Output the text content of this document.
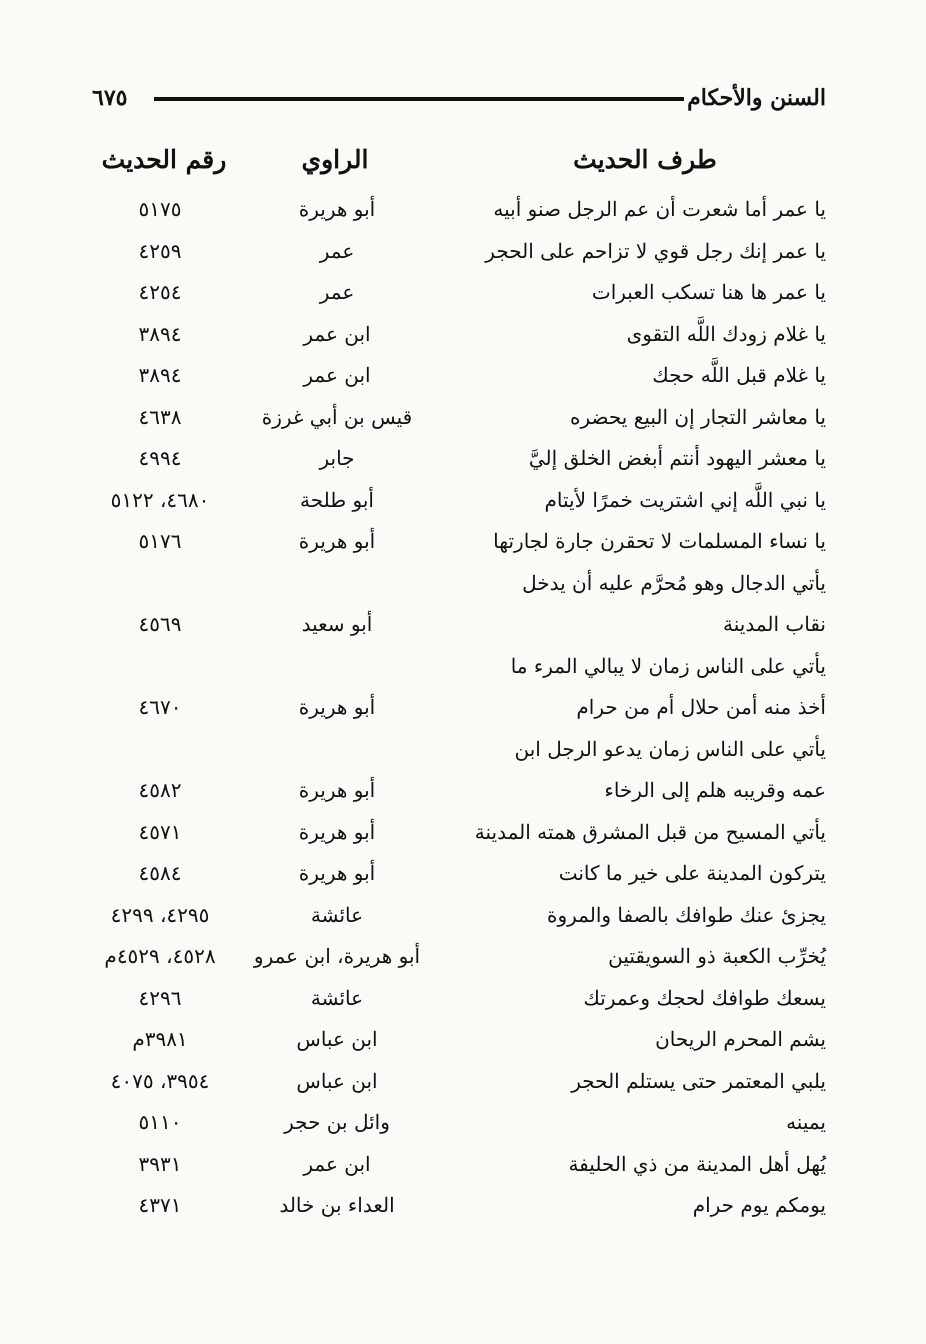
السنن والأحكام
٦٧٥
طرف الحديث
الراوي
رقم الحديث
يا عمر أما شعرت أن عم الرجل صنو أبيه
أبو هريرة
٥١٧٥
يا عمر إنك رجل قوي لا تزاحم على الحجر
عمر
٤٢٥٩
يا عمر ها هنا تسكب العبرات
عمر
٤٢٥٤
يا غلام زودك اللَّه التقوى
ابن عمر
٣٨٩٤
يا غلام قبل اللَّه حجك
ابن عمر
٣٨٩٤
يا معاشر التجار إن البيع يحضره
قيس بن أبي غرزة
٤٦٣٨
يا معشر اليهود أنتم أبغض الخلق إليَّ
جابر
٤٩٩٤
يا نبي اللَّه إني اشتريت خمرًا لأيتام
أبو طلحة
٤٦٨٠، ٥١٢٢
يا نساء المسلمات لا تحقرن جارة لجارتها
أبو هريرة
٥١٧٦
يأتي الدجال وهو مُحرَّم عليه أن يدخل
نقاب المدينة
أبو سعيد
٤٥٦٩
يأتي على الناس زمان لا يبالي المرء ما
أخذ منه أمن حلال أم من حرام
أبو هريرة
٤٦٧٠
يأتي على الناس زمان يدعو الرجل ابن
عمه وقريبه هلم إلى الرخاء
أبو هريرة
٤٥٨٢
يأتي المسيح من قبل المشرق همته المدينة
أبو هريرة
٤٥٧١
يتركون المدينة على خير ما كانت
أبو هريرة
٤٥٨٤
يجزئ عنك طوافك بالصفا والمروة
عائشة
٤٢٩٥، ٤٢٩٩
يُخرِّب الكعبة ذو السويقتين
أبو هريرة، ابن عمرو
٤٥٢٨، ٤٥٢٩م
يسعك طوافك لحجك وعمرتك
عائشة
٤٢٩٦
يشم المحرم الريحان
ابن عباس
٣٩٨١م
يلبي المعتمر حتى يستلم الحجر
ابن عباس
٣٩٥٤، ٤٠٧٥
يمينه
وائل بن حجر
٥١١٠
يُهل أهل المدينة من ذي الحليفة
ابن عمر
٣٩٣١
يومكم يوم حرام
العداء بن خالد
٤٣٧١
